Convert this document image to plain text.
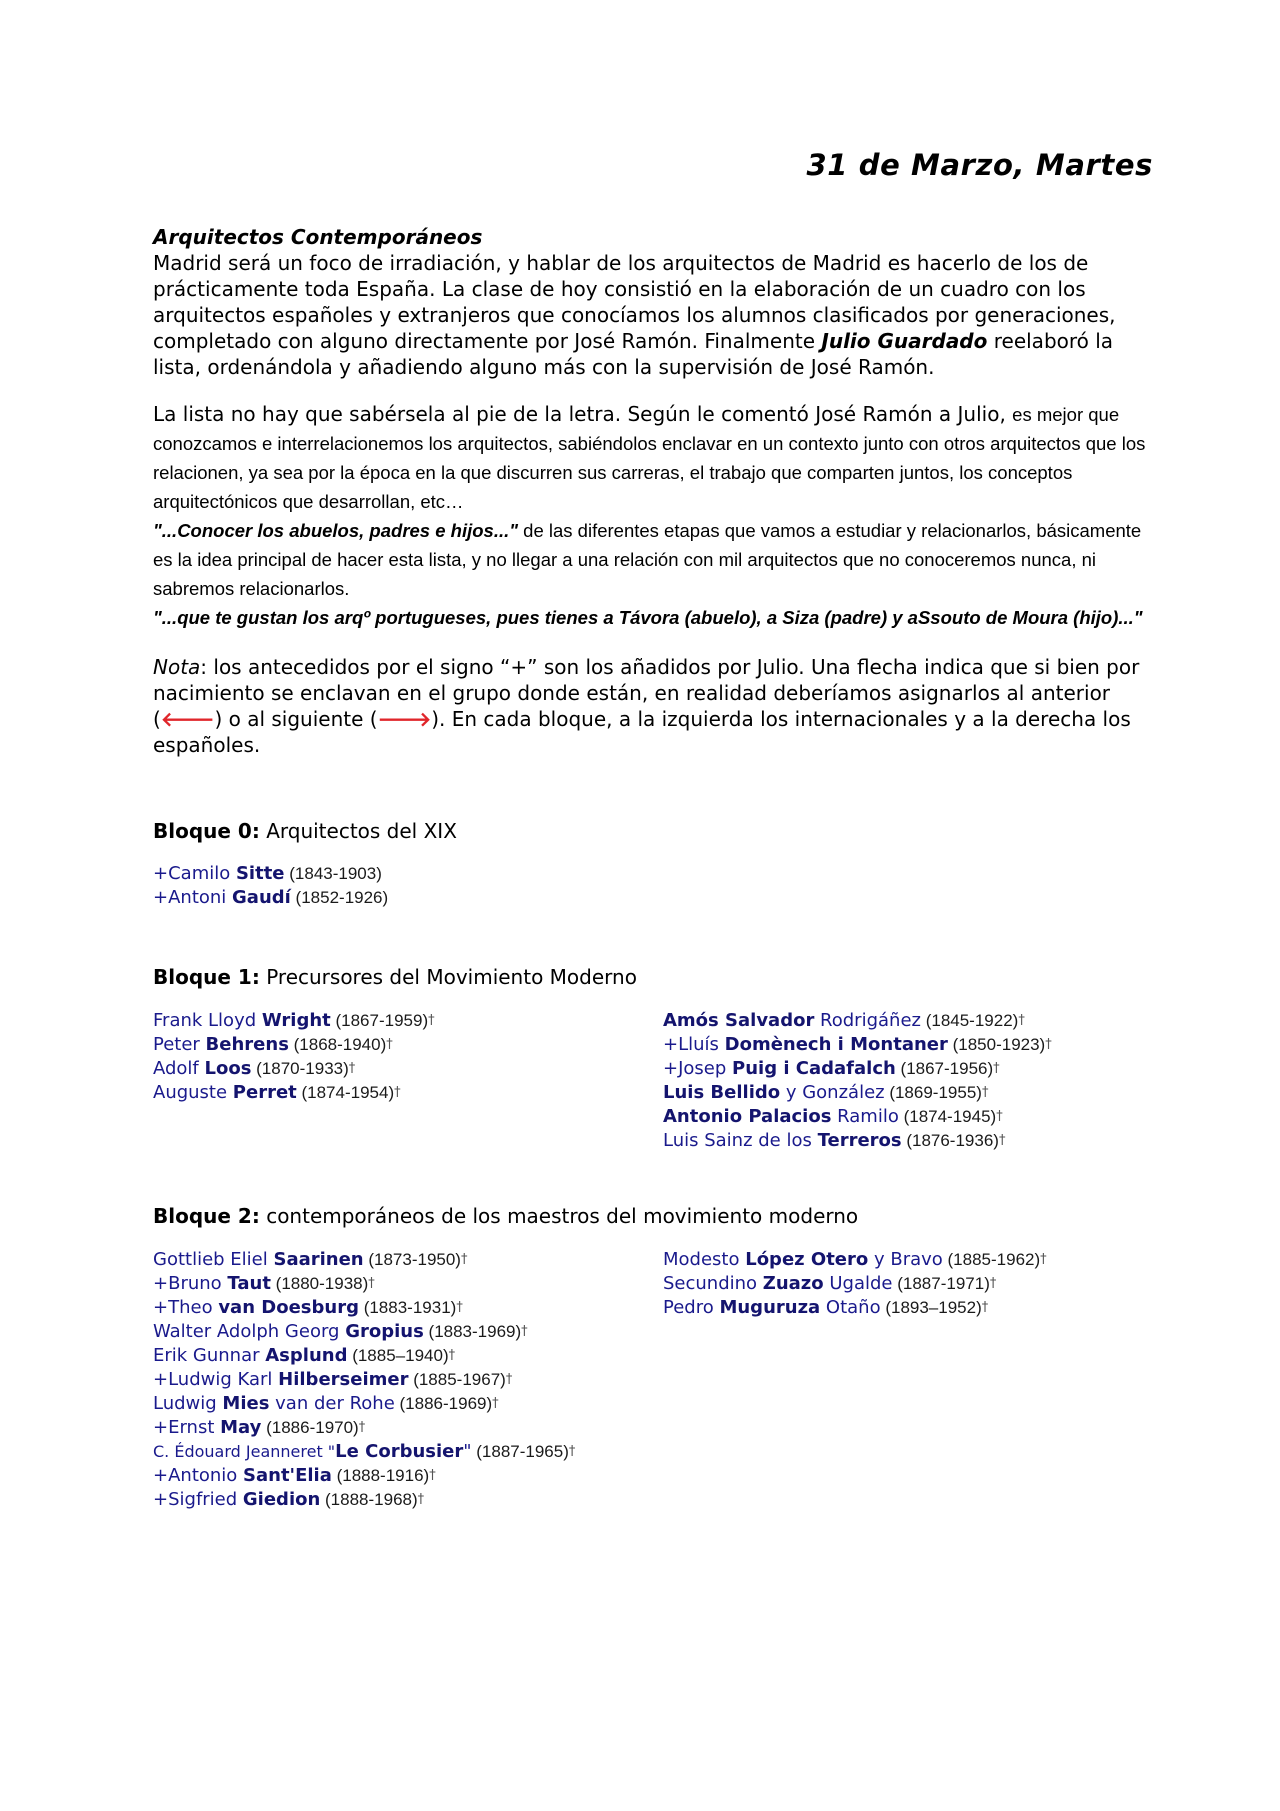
31 de Marzo, Martes
Arquitectos Contemporáneos

Madrid será un foco de irradiación, y hablar de los arquitectos de Madrid es hacerlo de los de prácticamente toda España. La clase de hoy consistió en la elaboración de un cuadro con los arquitectos españoles y extranjeros que conocíamos los alumnos clasificados por generaciones, completado con alguno directamente por José Ramón. Finalmente Julio Guardado reelaboró la lista, ordenándola y añadiendo alguno más con la supervisión de José Ramón.

La lista no hay que sabérsela al pie de la letra. Según le comentó José Ramón a Julio, es mejor que conozcamos e interrelacionemos los arquitectos, sabiéndolos enclavar en un contexto junto con otros arquitectos que los relacionen, ya sea por la época en la que discurren sus carreras, el trabajo que comparten juntos, los conceptos arquitectónicos que desarrollan, etc…

"...Conocer los abuelos, padres e hijos..." de las diferentes etapas que vamos a estudiar y relacionarlos, básicamente es la idea principal de hacer esta lista, y no llegar a una relación con mil arquitectos que no conoceremos nunca, ni sabremos relacionarlos.

"...que te gustan los arqº portugueses, pues tienes a Távora (abuelo), a Siza (padre) y aSsouto de Moura (hijo)..."

Nota: los antecedidos por el signo “+” son los añadidos por Julio. Una flecha indica que si bien por nacimiento se enclavan en el grupo donde están, en realidad deberíamos asignarlos al anterior (🡐) o al siguiente (🡒). En cada bloque, a la izquierda los internacionales y a la derecha los españoles.

Bloque 0: Arquitectos del XIX

+Camilo Sitte (1843-1903)
+Antoni Gaudí (1852-1926)

Bloque 1: Precursores del Movimiento Moderno

Frank Lloyd Wright (1867-1959)†
Peter Behrens (1868-1940)†
Adolf Loos (1870-1933)†
Auguste Perret (1874-1954)†
Amós Salvador Rodrigáñez (1845-1922)†
+Lluís Domènech i Montaner (1850-1923)†
+Josep Puig i Cadafalch (1867-1956)†
Luis Bellido y González (1869-1955)†
Antonio Palacios Ramilo (1874-1945)†
Luis Sainz de los Terreros (1876-1936)†

Bloque 2: contemporáneos de los maestros del movimiento moderno

Gottlieb Eliel Saarinen (1873-1950)†
+Bruno Taut (1880-1938)†
+Theo van Doesburg (1883-1931)†
Walter Adolph Georg Gropius (1883-1969)†
Erik Gunnar Asplund (1885–1940)†
+Ludwig Karl Hilberseimer (1885-1967)†
Ludwig Mies van der Rohe (1886-1969)†
+Ernst May (1886-1970)†
C. Édouard Jeanneret "Le Corbusier" (1887-1965)†
+Antonio Sant'Elia (1888-1916)†
+Sigfried Giedion (1888-1968)†
Modesto López Otero y Bravo (1885-1962)†
Secundino Zuazo Ugalde (1887-1971)†
Pedro Muguruza Otaño (1893–1952)†
